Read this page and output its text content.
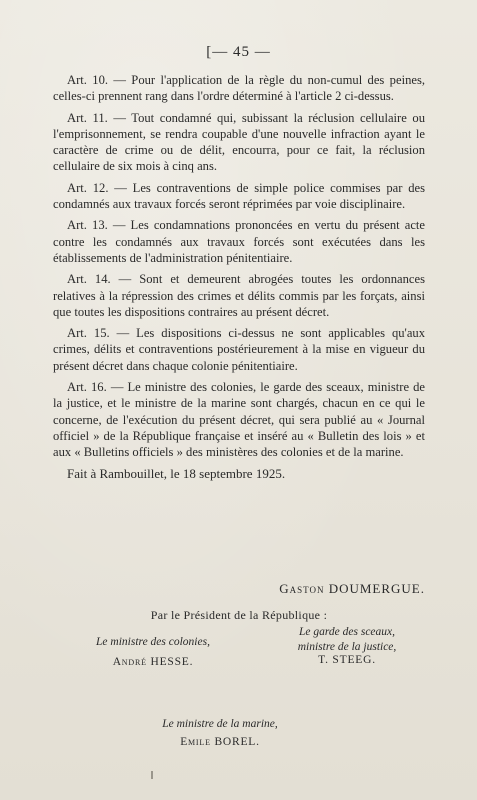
[— 45 —

Art. 10. — Pour l'application de la règle du non-cumul des peines, celles-ci prennent rang dans l'ordre déterminé à l'article 2 ci-dessus.

Art. 11. — Tout condamné qui, subissant la réclusion cellulaire ou l'emprisonnement, se rendra coupable d'une nouvelle infraction ayant le caractère de crime ou de délit, encourra, pour ce fait, la réclusion cellulaire de six mois à cinq ans.

Art. 12. — Les contraventions de simple police commises par des condamnés aux travaux forcés seront réprimées par voie disciplinaire.

Art. 13. — Les condamnations prononcées en vertu du présent acte contre les condamnés aux travaux forcés sont exécutées dans les établissements de l'administration pénitentiaire.

Art. 14. — Sont et demeurent abrogées toutes les ordonnances relatives à la répression des crimes et délits commis par les forçats, ainsi que toutes les dispositions contraires au présent décret.

Art. 15. — Les dispositions ci-dessus ne sont applicables qu'aux crimes, délits et contraventions postérieurement à la mise en vigueur du présent décret dans chaque colonie pénitentiaire.

Art. 16. — Le ministre des colonies, le garde des sceaux, ministre de la justice, et le ministre de la marine sont chargés, chacun en ce qui le concerne, de l'exécution du présent décret, qui sera publié au « Journal officiel » de la République française et inséré au « Bulletin des lois » et aux « Bulletins officiels » des ministères des colonies et de la marine.

Fait à Rambouillet, le 18 septembre 1925.

Gaston DOUMERGUE.
Par le Président de la République :
Le ministre des colonies,
André HESSE.
Le garde des sceaux,
ministre de la justice,
T. STEEG.
Le ministre de la marine,
Emile BOREL.
